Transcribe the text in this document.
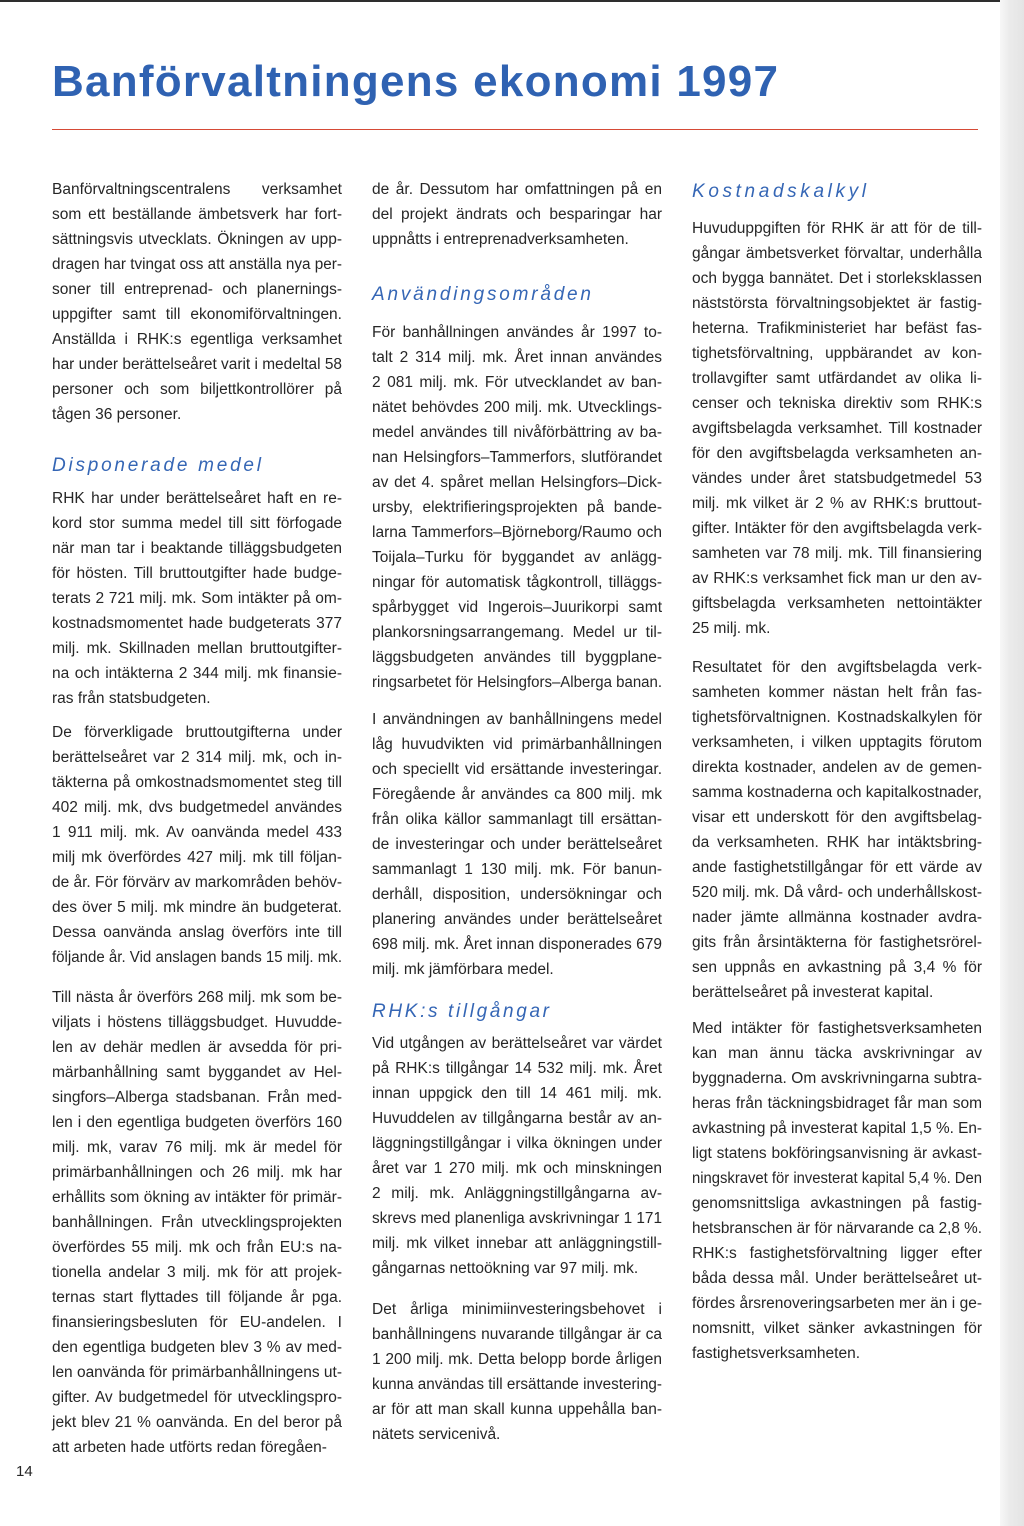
Banförvaltningens ekonomi 1997
Banförvaltningscentralens verksamhet
som ett beställande ämbetsverk har fort-
sättningsvis utvecklats. Ökningen av upp-
dragen har tvingat oss att anställa nya per-
soner till entreprenad- och planernings-
uppgifter samt till ekonomiförvaltningen.
Anställda i RHK:s egentliga verksamhet
har under berättelseåret varit i medeltal 58
personer och som biljettkontrollörer på
tågen 36 personer.
Disponerade medel
RHK har under berättelseåret haft en re-
kord stor summa medel till sitt förfogade
när man tar i beaktande tilläggsbudgeten
för hösten. Till bruttoutgifter hade budge-
terats 2 721 milj. mk. Som intäkter på om-
kostnadsmomentet hade budgeterats 377
milj. mk. Skillnaden mellan bruttoutgifter-
na och intäkterna 2 344 milj. mk finansie-
ras från statsbudgeten.
De förverkligade bruttoutgifterna under
berättelseåret var 2 314 milj. mk, och in-
täkterna på omkostnadsmomentet steg till
402 milj. mk, dvs budgetmedel användes
1 911 milj. mk. Av oanvända medel 433
milj mk överfördes 427 milj. mk till följan-
de år. För förvärv av markområden behöv-
des över 5 milj. mk mindre än budgeterat.
Dessa oanvända anslag överförs inte till
följande år. Vid anslagen bands 15 milj. mk.
Till nästa år överförs 268 milj. mk som be-
viljats i höstens tilläggsbudget. Huvudde-
len av dehär medlen är avsedda för pri-
märbanhållning samt byggandet av Hel-
singfors–Alberga stadsbanan. Från med-
len i den egentliga budgeten överförs 160
milj. mk, varav 76 milj. mk är medel för
primärbanhållningen och 26 milj. mk har
erhållits som ökning av intäkter för primär-
banhållningen. Från utvecklingsprojekten
överfördes 55 milj. mk och från EU:s na-
tionella andelar 3 milj. mk för att projek-
ternas start flyttades till följande år pga.
finansieringsbesluten för EU-andelen. I
den egentliga budgeten blev 3 % av med-
len oanvända för primärbanhållningens ut-
gifter. Av budgetmedel för utvecklingspro-
jekt blev 21 % oanvända. En del beror på
att arbeten hade utförts redan föregåen-
de år. Dessutom har omfattningen på en
del projekt ändrats och besparingar har
uppnåtts i entreprenadverksamheten.
Användingsområden
För banhållningen användes år 1997 to-
talt 2 314 milj. mk. Året innan användes
2 081 milj. mk. För utvecklandet av ban-
nätet behövdes 200 milj. mk. Utvecklings-
medel användes till nivåförbättring av ba-
nan Helsingfors–Tammerfors, slutförandet
av det 4. spåret mellan Helsingfors–Dick-
ursby, elektrifieringsprojekten på bande-
larna Tammerfors–Björneborg/Raumo och
Toijala–Turku för byggandet av anlägg-
ningar för automatisk tågkontroll, tilläggs-
spårbygget vid Ingerois–Juurikorpi samt
plankorsningsarrangemang. Medel ur til-
läggsbudgeten användes till byggplane-
ringsarbetet för Helsingfors–Alberga banan.
I användningen av banhållningens medel
låg huvudvikten vid primärbanhållningen
och speciellt vid ersättande investeringar.
Föregående år användes ca 800 milj. mk
från olika källor sammanlagt till ersättan-
de investeringar och under berättelseåret
sammanlagt 1 130 milj. mk. För banun-
derhåll, disposition, undersökningar och
planering användes under berättelseåret
698 milj. mk. Året innan disponerades 679
milj. mk jämförbara medel.
RHK:s tillgångar
Vid utgången av berättelseåret var värdet
på RHK:s tillgångar 14 532 milj. mk. Året
innan uppgick den till 14 461 milj. mk.
Huvuddelen av tillgångarna består av an-
läggningstillgångar i vilka ökningen under
året var 1 270 milj. mk och minskningen
2 milj. mk. Anläggningstillgångarna av-
skrevs med planenliga avskrivningar 1 171
milj. mk vilket innebar att anläggningstill-
gångarnas nettoökning var 97 milj. mk.
Det årliga minimiinvesteringsbehovet i
banhållningens nuvarande tillgångar är ca
1 200 milj. mk. Detta belopp borde årligen
kunna användas till ersättande investering-
ar för att man skall kunna uppehålla ban-
nätets servicenivå.
Kostnadskalkyl
Huvuduppgiften för RHK är att för de till-
gångar ämbetsverket förvaltar, underhålla
och bygga bannätet. Det i storleksklassen
näststörsta förvaltningsobjektet är fastig-
heterna. Trafikministeriet har befäst fas-
tighetsförvaltning, uppbärandet av kon-
trollavgifter samt utfärdandet av olika li-
censer och tekniska direktiv som RHK:s
avgiftsbelagda verksamhet. Till kostnader
för den avgiftsbelagda verksamheten an-
vändes under året statsbudgetmedel 53
milj. mk vilket är 2 % av RHK:s bruttout-
gifter. Intäkter för den avgiftsbelagda verk-
samheten var 78 milj. mk. Till finansiering
av RHK:s verksamhet fick man ur den av-
giftsbelagda verksamheten nettointäkter
25 milj. mk.
Resultatet för den avgiftsbelagda verk-
samheten kommer nästan helt från fas-
tighetsförvaltnignen. Kostnadskalkylen för
verksamheten, i vilken upptagits förutom
direkta kostnader, andelen av de gemen-
samma kostnaderna och kapitalkostnader,
visar ett underskott för den avgiftsbelag-
da verksamheten. RHK har intäktsbring-
ande fastighetstillgångar för ett värde av
520 milj. mk. Då vård- och underhållskost-
nader jämte allmänna kostnader avdra-
gits från årsintäkterna för fastighetsrörel-
sen uppnås en avkastning på 3,4 % för
berättelseåret på investerat kapital.
Med intäkter för fastighetsverksamheten
kan man ännu täcka avskrivningar av
byggnaderna. Om avskrivningarna subtra-
heras från täckningsbidraget får man som
avkastning på investerat kapital 1,5 %. En-
ligt statens bokföringsanvisning är avkast-
ningskravet för investerat kapital 5,4 %. Den
genomsnittsliga avkastningen på fastig-
hetsbranschen är för närvarande ca 2,8 %.
RHK:s fastighetsförvaltning ligger efter
båda dessa mål. Under berättelseåret ut-
fördes årsrenoveringsarbeten mer än i ge-
nomsnitt, vilket sänker avkastningen för
fastighetsverksamheten.
14
